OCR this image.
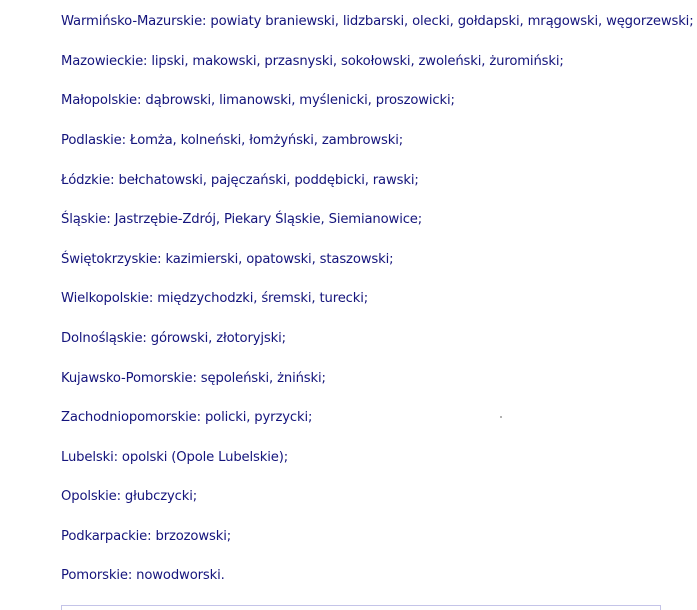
Warmińsko-Mazurskie: powiaty braniewski, lidzbarski, olecki, gołdapski, mrągowski, węgorzewski;

Mazowieckie: lipski, makowski, przasnyski, sokołowski, zwoleński, żuromiński;

Małopolskie: dąbrowski, limanowski, myślenicki, proszowicki;

Podlaskie: Łomża, kolneński, łomżyński, zambrowski;

Łódzkie: bełchatowski, pajęczański, poddębicki, rawski;

Śląskie: Jastrzębie-Zdrój, Piekary Śląskie, Siemianowice;

Świętokrzyskie: kazimierski, opatowski, staszowski;

Wielkopolskie: międzychodzki, śremski, turecki;

Dolnośląskie: górowski, złotoryjski;

Kujawsko-Pomorskie: sępoleński, żniński;

Zachodniopomorskie: policki, pyrzycki;

Lubelski: opolski (Opole Lubelskie);

Opolskie: głubczycki;

Podkarpackie: brzozowski;

Pomorskie: nowodworski.
